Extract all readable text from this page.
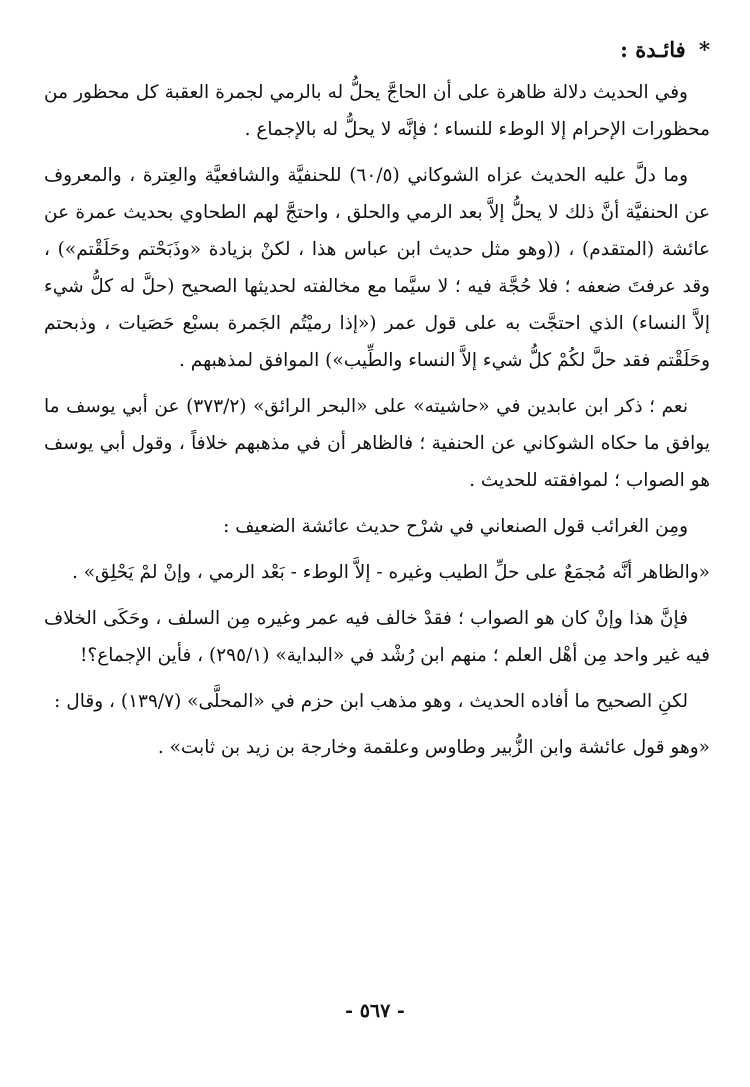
* فائـدة :

وفي الحديث دلالة ظاهرة على أن الحاجَّ يحلُّ له بالرمي لجمرة العقبة كل محظور من محظورات الإحرام إلا الوطء للنساء ؛ فإنَّه لا يحلُّ له بالإجماع .

وما دلَّ عليه الحديث عزاه الشوكاني (٦٠/٥) للحنفيَّة والشافعيَّة والعِترة ، والمعروف عن الحنفيَّة أنَّ ذلك لا يحلُّ إلاَّ بعد الرمي والحلق ، واحتجَّ لهم الطحاوي بحديث عمرة عن عائشة (المتقدم) ، ((وهو مثل حديث ابن عباس هذا ، لكنْ بزيادة «وذَبَحْتم وحَلَقْتم») ، وقد عرفتَ ضعفه ؛ فلا حُجَّة فيه ؛ لا سيَّما مع مخالفته لحديثها الصحيح (حلَّ له كلُّ شيء إلاَّ النساء) الذي احتجَّت به على قول عمر («إذا رميْتُم الجَمرة بسبْع حَصَيات ، وذبحتم وحَلَقْتم فقد حلَّ لكُمْ كلُّ شيء إلاَّ النساء والطِّيب») الموافق لمذهبهم .

نعم ؛ ذكر ابن عابدين في «حاشيته» على «البحر الرائق» (٣٧٣/٢) عن أبي يوسف ما يوافق ما حكاه الشوكاني عن الحنفية ؛ فالظاهر أن في مذهبهم خلافاً ، وقول أبي يوسف هو الصواب ؛ لموافقته للحديث .

ومِن الغرائب قول الصنعاني في شرْح حديث عائشة الضعيف :

«والظاهر أنَّه مُجمَعٌ على حلِّ الطيب وغيره - إلاَّ الوطء - بَعْد الرمي ، وإنْ لمْ يَحْلِق» .

فإنَّ هذا وإنْ كان هو الصواب ؛ فقدْ خالف فيه عمر وغيره مِن السلف ، وحَكَى الخلاف فيه غير واحد مِن أهْل العلم ؛ منهم ابن رُشْد في «البداية» (٢٩٥/١) ، فأين الإجماع؟!

لكنِ الصحيح ما أفاده الحديث ، وهو مذهب ابن حزم في «المحلَّى» (١٣٩/٧) ، وقال :

«وهو قول عائشة وابن الزُّبير وطاوس وعلقمة وخارجة بن زيد بن ثابت» .

- ٥٦٧ -
